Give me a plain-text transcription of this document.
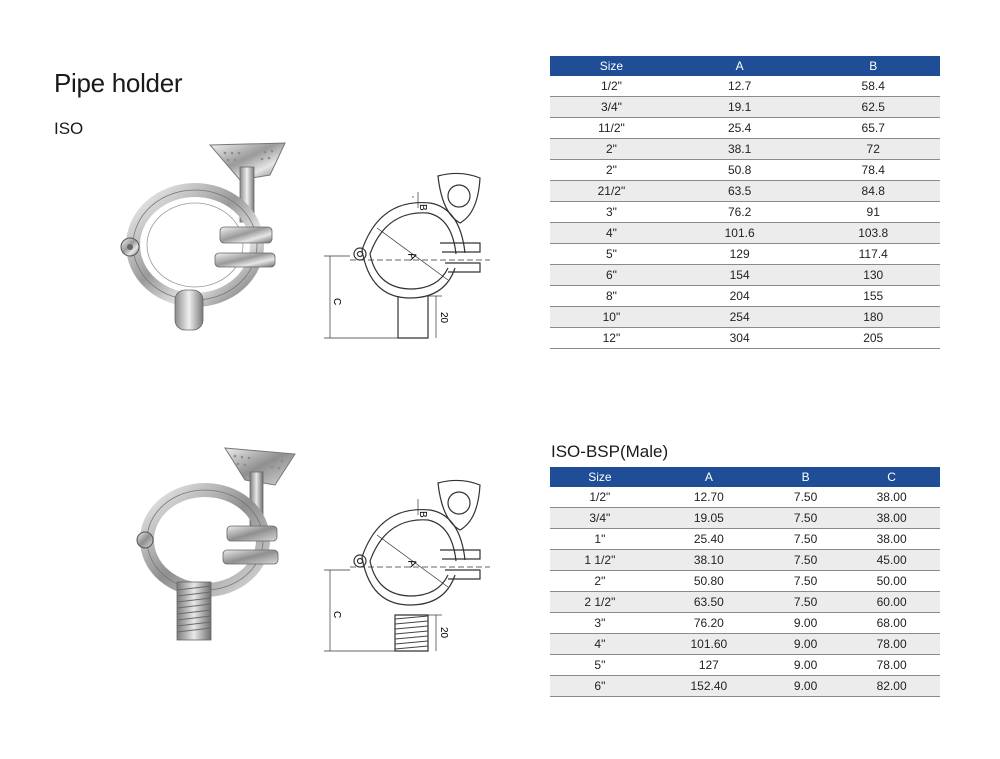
Pipe holder
ISO
ISO-BSP(Male)
B
A
C
20
B
A
C
20
Size	A	B
1/2"	12.7	58.4
3/4"	19.1	62.5
11/2"	25.4	65.7
2"	38.1	72
2"	50.8	78.4
21/2"	63.5	84.8
3"	76.2	91
4"	101.6	103.8
5"	129	117.4
6"	154	130
8"	204	155
10"	254	180
12"	304	205
Size	A	B	C
1/2"	12.70	7.50	38.00
3/4"	19.05	7.50	38.00
1"	25.40	7.50	38.00
1 1/2"	38.10	7.50	45.00
2"	50.80	7.50	50.00
2 1/2"	63.50	7.50	60.00
3"	76.20	9.00	68.00
4"	101.60	9.00	78.00
5"	127	9.00	78.00
6"	152.40	9.00	82.00
